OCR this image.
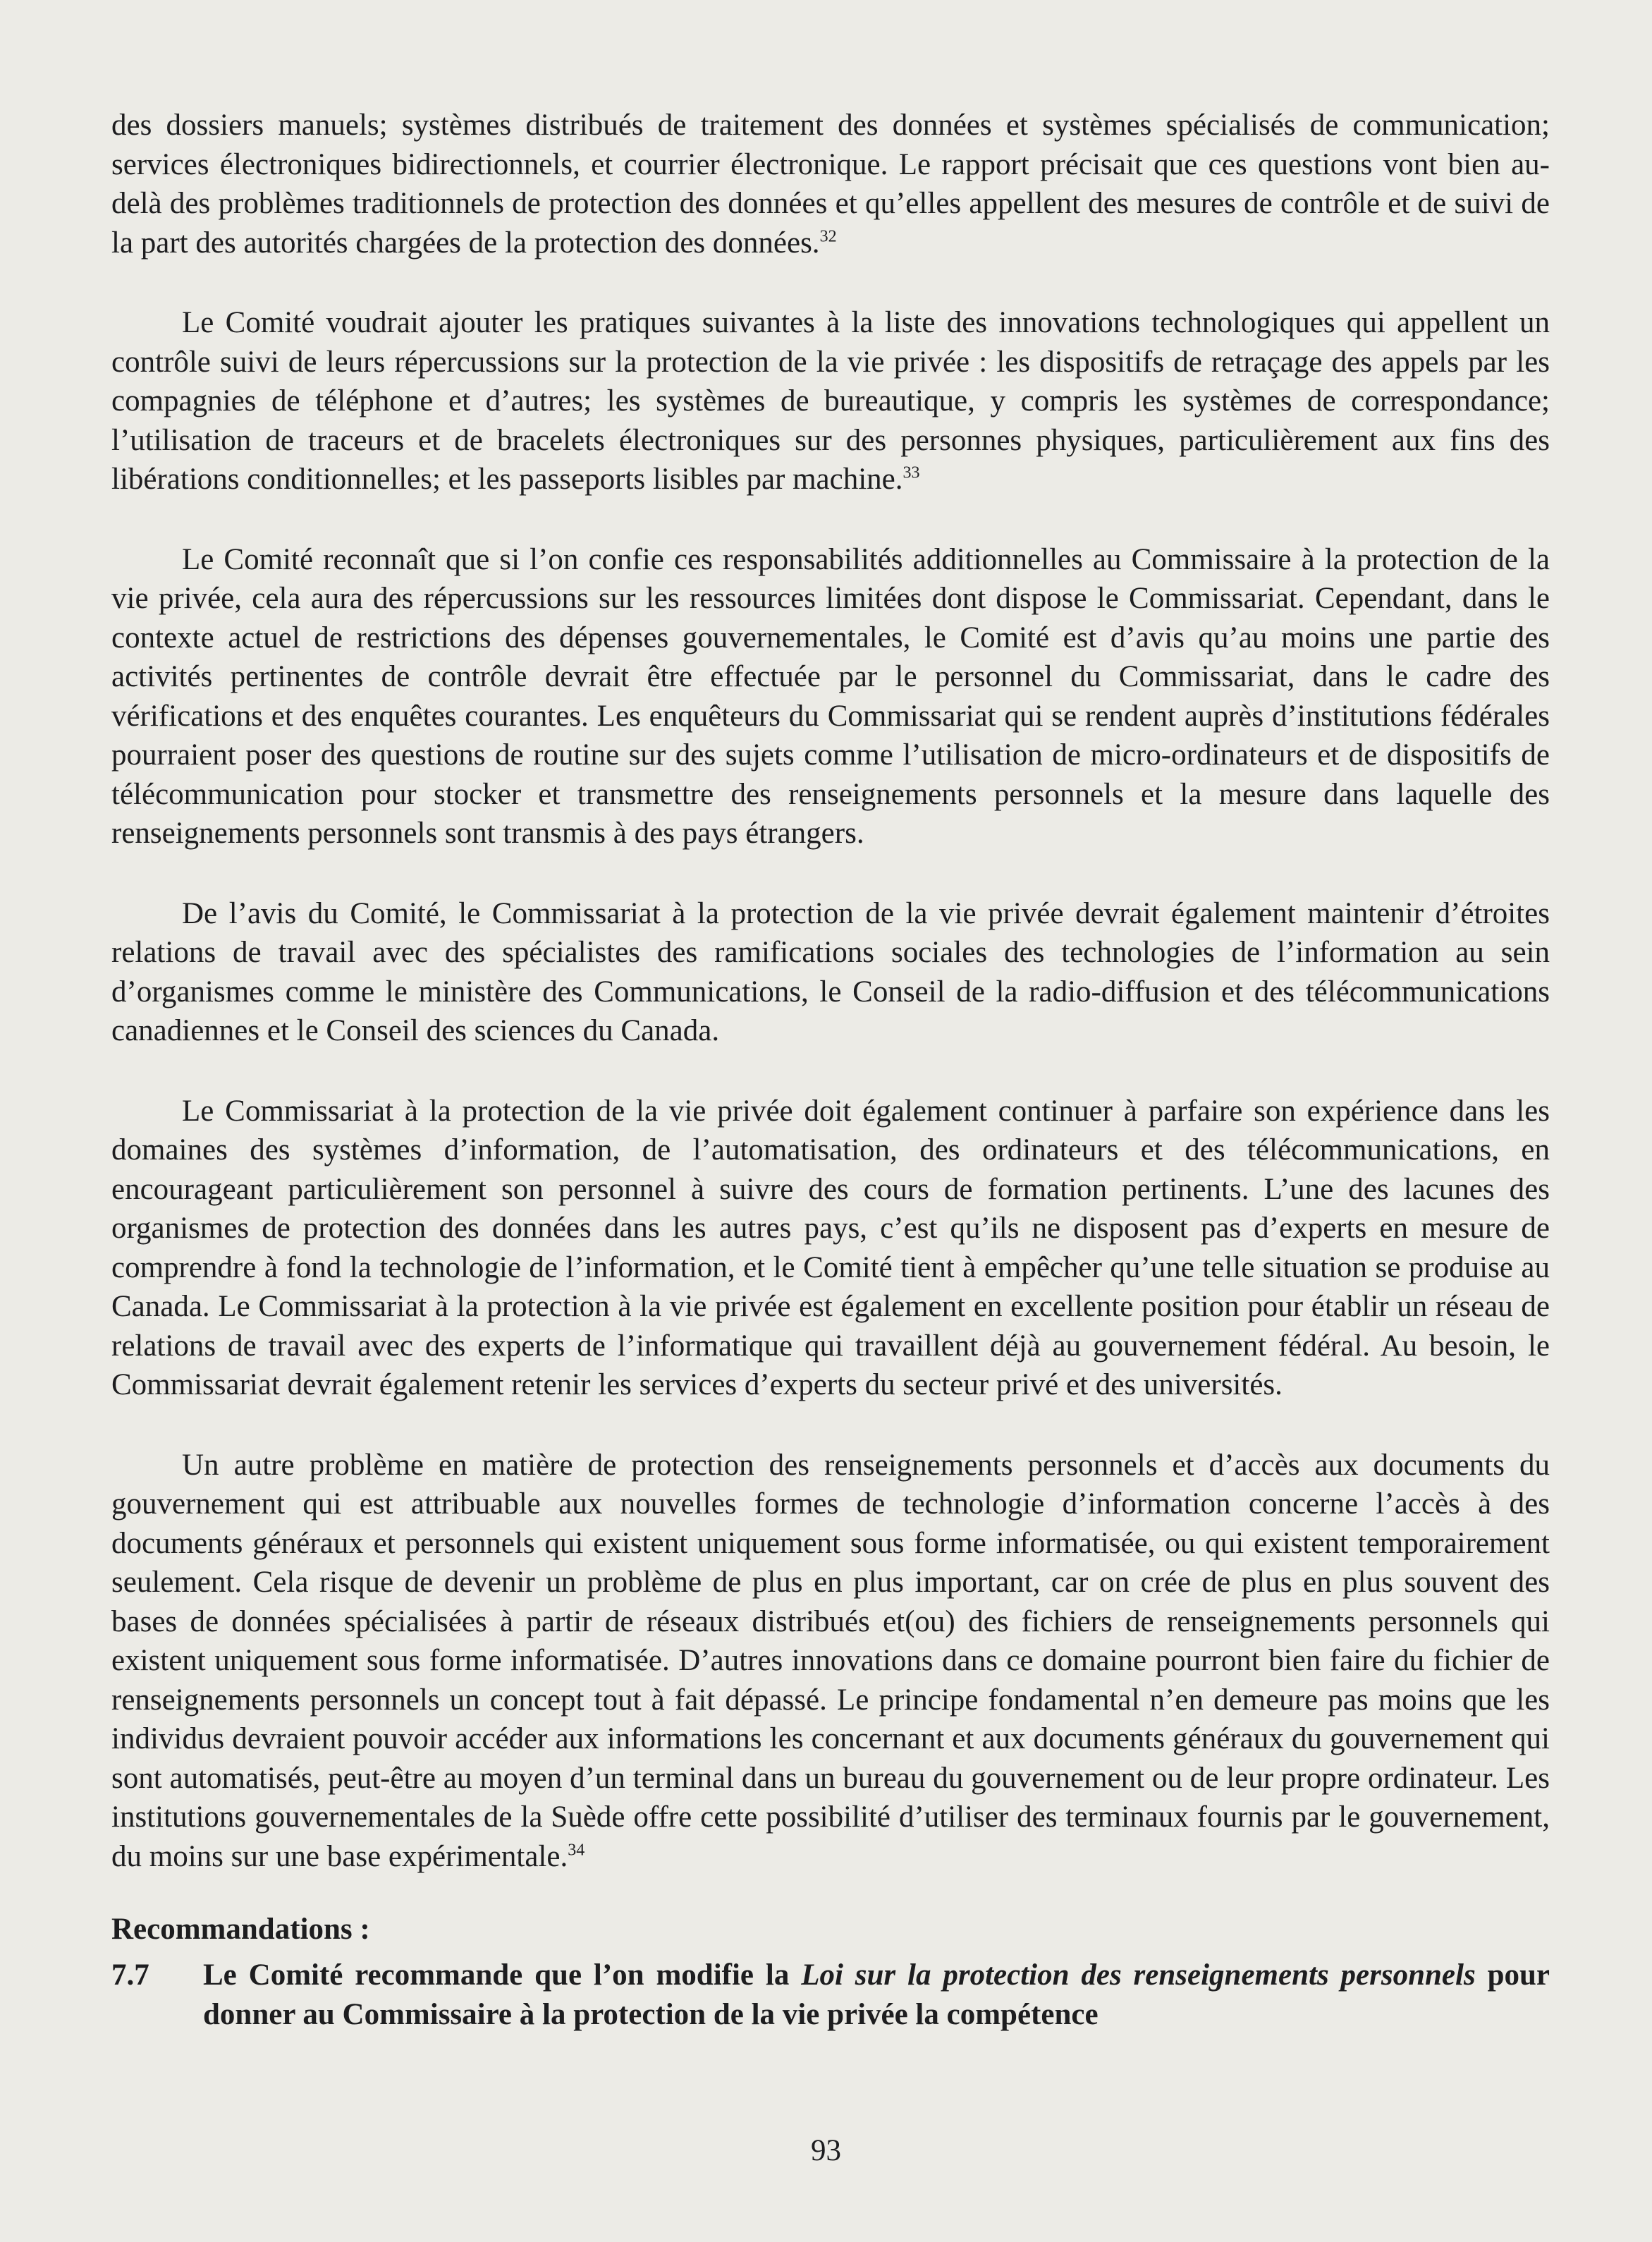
des dossiers manuels; systèmes distribués de traitement des données et systèmes spécialisés de communication; services électroniques bidirectionnels, et courrier électronique. Le rapport précisait que ces questions vont bien au-delà des problèmes traditionnels de protection des données et qu’elles appellent des mesures de contrôle et de suivi de la part des autorités chargées de la protection des données.$^{32}$

Le Comité voudrait ajouter les pratiques suivantes à la liste des innovations technologiques qui appellent un contrôle suivi de leurs répercussions sur la protection de la vie privée : les dispositifs de retraçage des appels par les compagnies de téléphone et d’autres; les systèmes de bureautique, y compris les systèmes de correspondance; l’utilisation de traceurs et de bracelets électroniques sur des personnes physiques, particulièrement aux fins des libérations conditionnelles; et les passeports lisibles par machine.$^{33}$

Le Comité reconnaît que si l’on confie ces responsabilités additionnelles au Commissaire à la protection de la vie privée, cela aura des répercussions sur les ressources limitées dont dispose le Commissariat. Cependant, dans le contexte actuel de restrictions des dépenses gouvernementales, le Comité est d’avis qu’au moins une partie des activités pertinentes de contrôle devrait être effectuée par le personnel du Commissariat, dans le cadre des vérifications et des enquêtes courantes. Les enquêteurs du Commissariat qui se rendent auprès d’institutions fédérales pourraient poser des questions de routine sur des sujets comme l’utilisation de micro-ordinateurs et de dispositifs de télécommunication pour stocker et transmettre des renseignements personnels et la mesure dans laquelle des renseignements personnels sont transmis à des pays étrangers.

De l’avis du Comité, le Commissariat à la protection de la vie privée devrait également maintenir d’étroites relations de travail avec des spécialistes des ramifications sociales des technologies de l’information au sein d’organismes comme le ministère des Communications, le Conseil de la radio-diffusion et des télécommunications canadiennes et le Conseil des sciences du Canada.

Le Commissariat à la protection de la vie privée doit également continuer à parfaire son expérience dans les domaines des systèmes d’information, de l’automatisation, des ordinateurs et des télécommunications, en encourageant particulièrement son personnel à suivre des cours de formation pertinents. L’une des lacunes des organismes de protection des données dans les autres pays, c’est qu’ils ne disposent pas d’experts en mesure de comprendre à fond la technologie de l’information, et le Comité tient à empêcher qu’une telle situation se produise au Canada. Le Commissariat à la protection à la vie privée est également en excellente position pour établir un réseau de relations de travail avec des experts de l’informatique qui travaillent déjà au gouvernement fédéral. Au besoin, le Commissariat devrait également retenir les services d’experts du secteur privé et des universités.

Un autre problème en matière de protection des renseignements personnels et d’accès aux documents du gouvernement qui est attribuable aux nouvelles formes de technologie d’information concerne l’accès à des documents généraux et personnels qui existent uniquement sous forme informatisée, ou qui existent temporairement seulement. Cela risque de devenir un problème de plus en plus important, car on crée de plus en plus souvent des bases de données spécialisées à partir de réseaux distribués et(ou) des fichiers de renseignements personnels qui existent uniquement sous forme informatisée. D’autres innovations dans ce domaine pourront bien faire du fichier de renseignements personnels un concept tout à fait dépassé. Le principe fondamental n’en demeure pas moins que les individus devraient pouvoir accéder aux informations les concernant et aux documents généraux du gouvernement qui sont automatisés, peut-être au moyen d’un terminal dans un bureau du gouvernement ou de leur propre ordinateur. Les institutions gouvernementales de la Suède offre cette possibilité d’utiliser des terminaux fournis par le gouvernement, du moins sur une base expérimentale.$^{34}$

Recommandations :
7.7 Le Comité recommande que l’on modifie la Loi sur la protection des renseignements personnels pour donner au Commissaire à la protection de la vie privée la compétence
93
